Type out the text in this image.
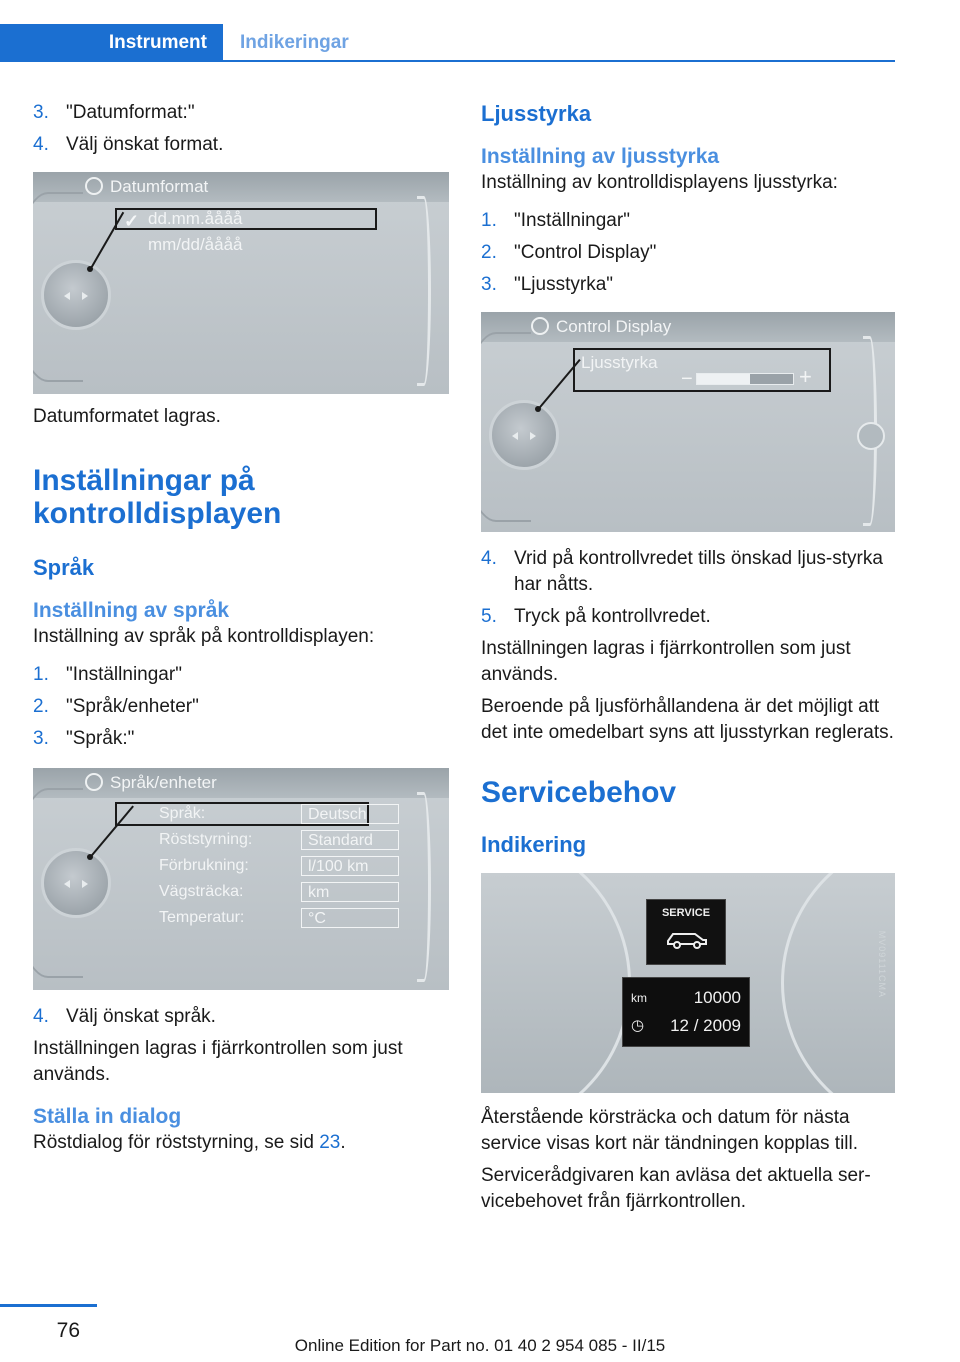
Instrument	Indikeringar
3. "Datumformat:"
4. Välj önskat format.
Datumformat
✓ dd.mm.åååå
mm/dd/åååå

Datumformatet lagras.

Inställningar på kontrolldisplayen
Språk
Inställning av språk

Inställning av språk på kontrolldisplayen:

1. "Inställningar"
2. "Språk/enheter"
3. "Språk:"
Språk/enheter
Språk:	Deutsch
Röststyrning:	Standard
Förbrukning:	l/100 km
Vägsträcka:	km
Temperatur:	°C
4. Välj önskat språk.

Inställningen lagras i fjärrkontrollen som just används.

Ställa in dialog

Röstdialog för röststyrning, se sid 23.

Ljusstyrka
Inställning av ljusstyrka

Inställning av kontrolldisplayens ljusstyrka:

1. "Inställningar"
2. "Control Display"
3. "Ljusstyrka"
Control Display
Ljusstyrka
−	+
4. Vrid på kontrollvredet tills önskad ljus-styrka har nåtts.
5. Tryck på kontrollvredet.

Inställningen lagras i fjärrkontrollen som just används.

Beroende på ljusförhållandena är det möjligt att det inte omedelbart syns att ljusstyrkan reglerats.

Servicebehov
Indikering
SERVICE
km	10000
◷ 12 / 2009
MV09111CMA

Återstående körsträcka och datum för nästa service visas kort när tändningen kopplas till.

Servicerådgivaren kan avläsa det aktuella ser-vicebehovet från fjärrkontrollen.

76
Online Edition for Part no. 01 40 2 954 085 - II/15
